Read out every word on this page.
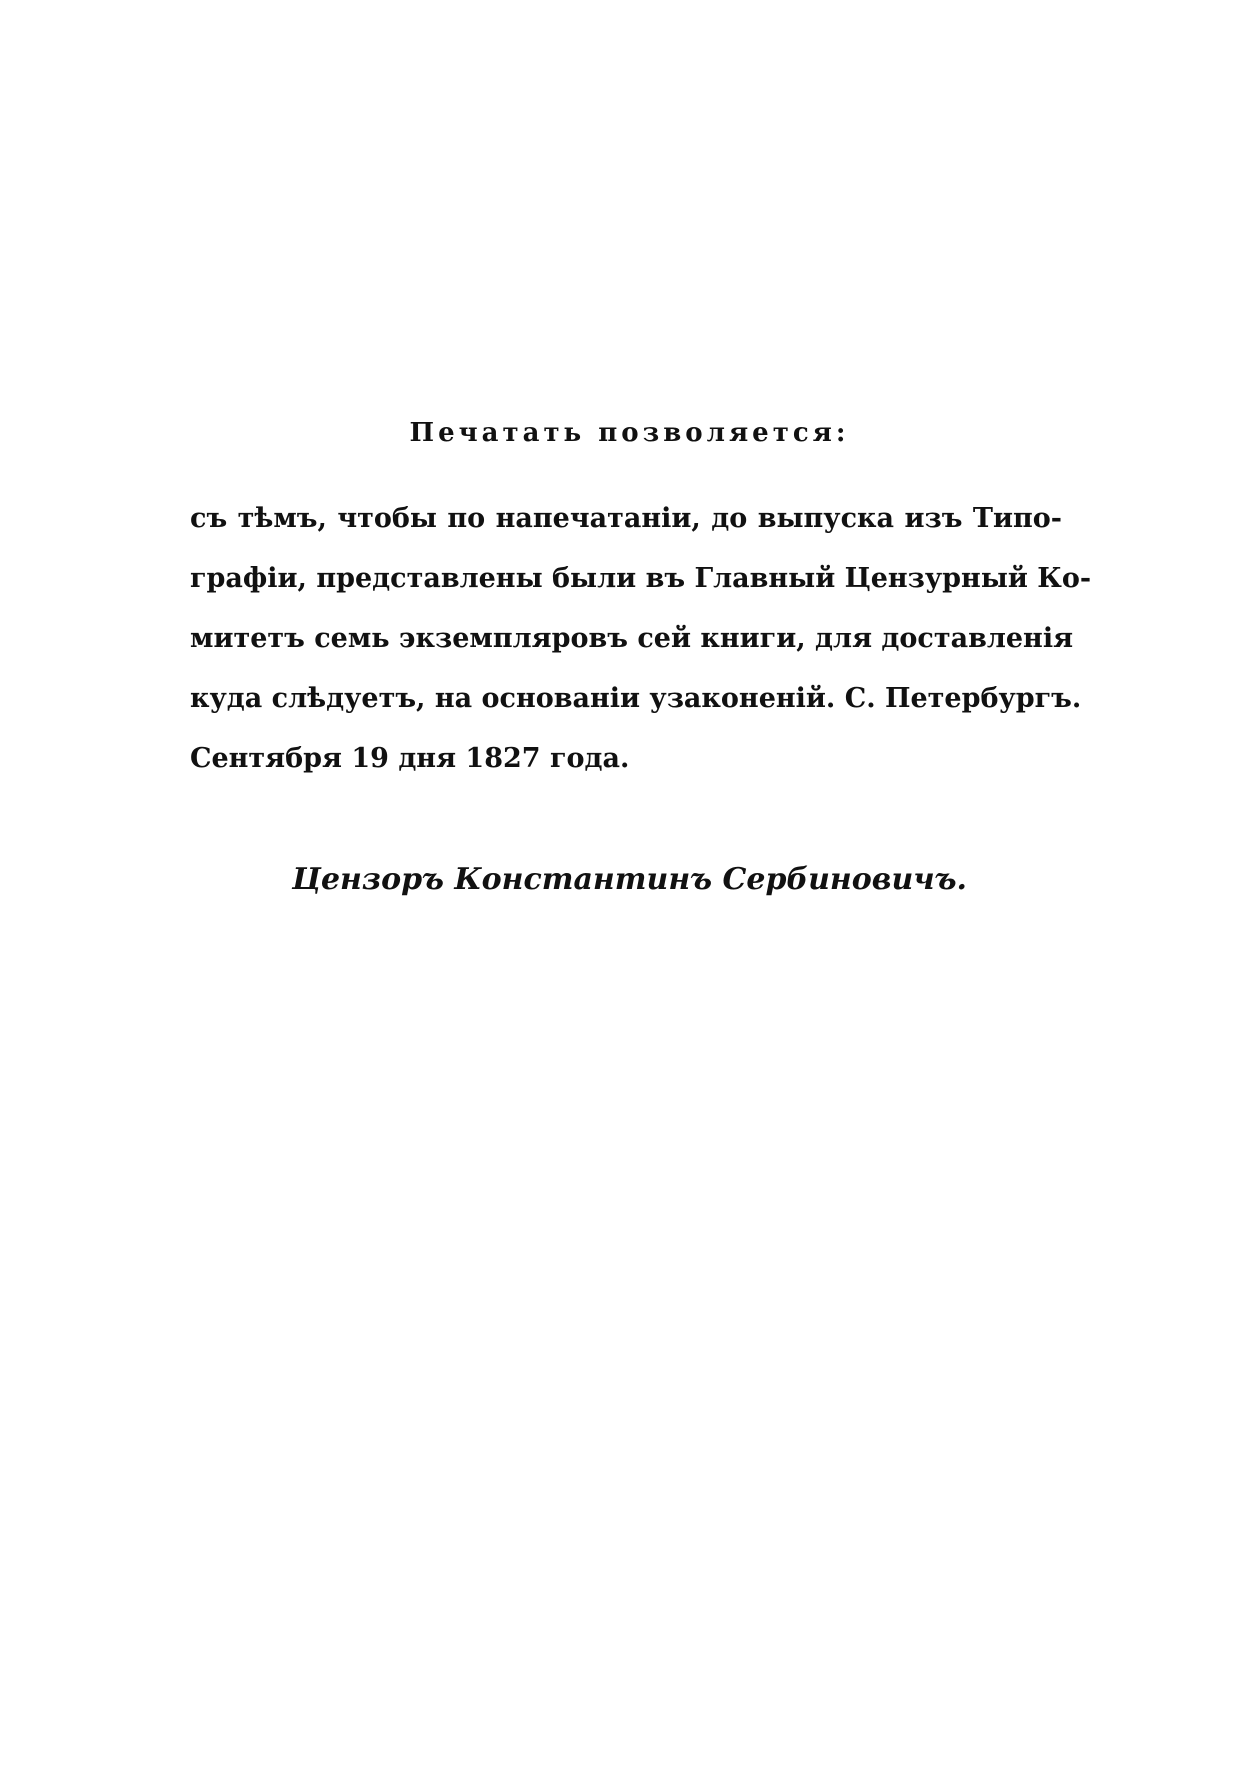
Печатать позволяется:
съ тѣмъ, чтобы по напечатаніи, до выпуска изъ Типо-
графіи, представлены были въ Главный Цензурный Ко-
митетъ семь экземпляровъ сей книги, для доставленія
куда слѣдуетъ, на основаніи узаконеній. С. Петербургъ.
Сентября 19 дня 1827 года.
Цензоръ Константинъ Сербиновичъ.
